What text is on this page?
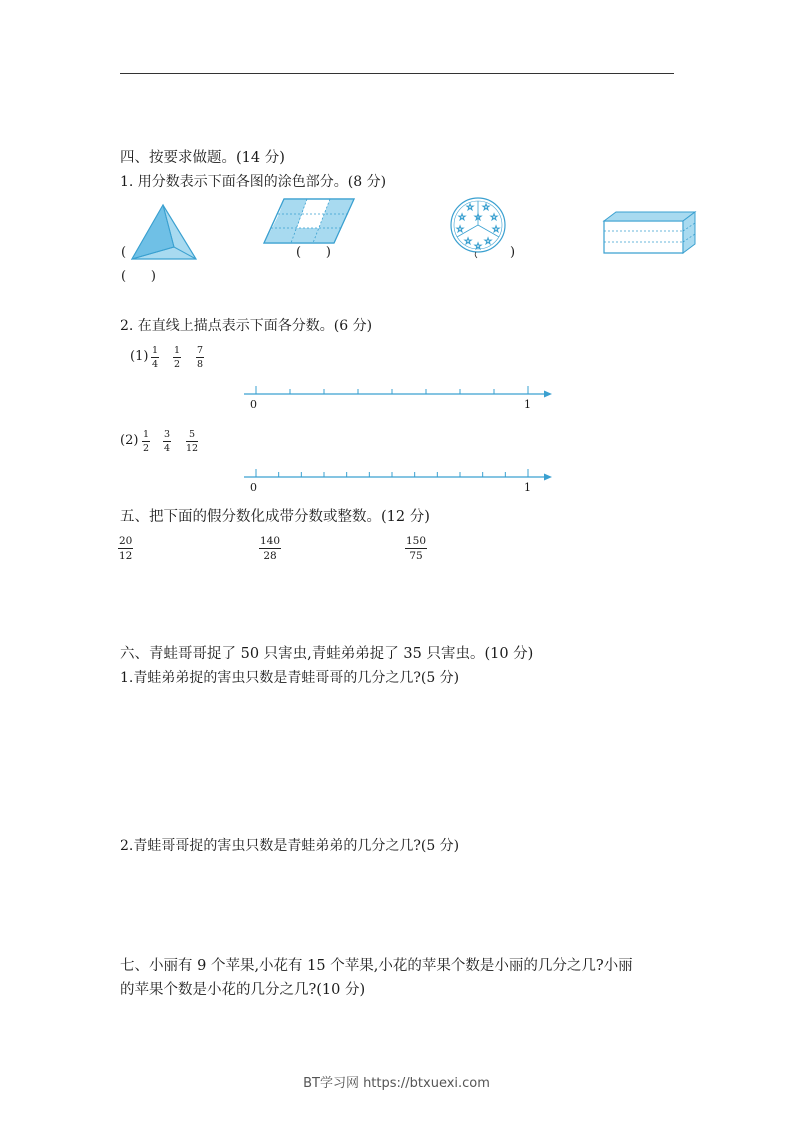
四、按要求做题。(14 分)
1. 用分数表示下面各图的涂色部分。(8 分)
☆ ☆
☆	☆
☆	☆
☆ ☆
☆
☆
(	(      )	)
(      )
2. 在直线上描点表示下面各分数。(6 分)
(1) 1
4
1
2
7
8
0	1
(2) 1
2
3
4
5
12
0	1
五、把下面的假分数化成带分数或整数。(12 分)
20
12
140
28
150
75
六、青蛙哥哥捉了 50 只害虫,青蛙弟弟捉了 35 只害虫。(10 分)
1.青蛙弟弟捉的害虫只数是青蛙哥哥的几分之几?(5 分)
2.青蛙哥哥捉的害虫只数是青蛙弟弟的几分之几?(5 分)
七、小丽有 9 个苹果,小花有 15 个苹果,小花的苹果个数是小丽的几分之几?小丽
的苹果个数是小花的几分之几?(10 分)
BT学习网 https://btxuexi.com
